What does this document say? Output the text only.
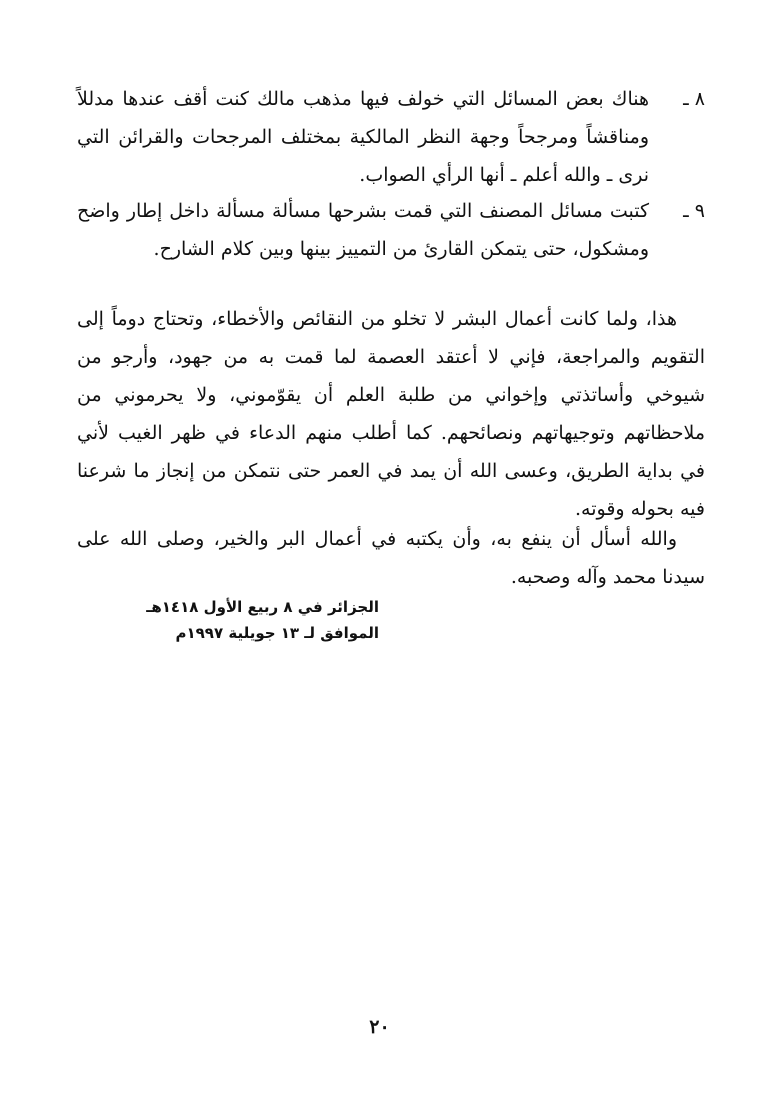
٨ ـ
هناك بعض المسائل التي خولف فيها مذهب مالك كنت أقف عندها مدللاً ومناقشاً ومرجحاً وجهة النظر المالكية بمختلف المرجحات والقرائن التي نرى ـ والله أعلم ـ أنها الرأي الصواب.
٩ ـ
كتبت مسائل المصنف التي قمت بشرحها مسألة مسألة داخل إطار واضح ومشكول، حتى يتمكن القارئ من التمييز بينها وبين كلام الشارح.

هذا، ولما كانت أعمال البشر لا تخلو من النقائص والأخطاء، وتحتاج دوماً إلى التقويم والمراجعة، فإني لا أعتقد العصمة لما قمت به من جهود، وأرجو من شيوخي وأساتذتي وإخواني من طلبة العلم أن يقوّموني، ولا يحرموني من ملاحظاتهم وتوجيهاتهم ونصائحهم. كما أطلب منهم الدعاء في ظهر الغيب لأني في بداية الطريق، وعسى الله أن يمد في العمر حتى نتمكن من إنجاز ما شرعنا فيه بحوله وقوته.

والله أسأل أن ينفع به، وأن يكتبه في أعمال البر والخير، وصلى الله على سيدنا محمد وآله وصحبه.

الجزائر في ٨ ربيع الأول ١٤١٨هـ
الموافق لـ ١٣ جويلية ١٩٩٧م
٢٠
